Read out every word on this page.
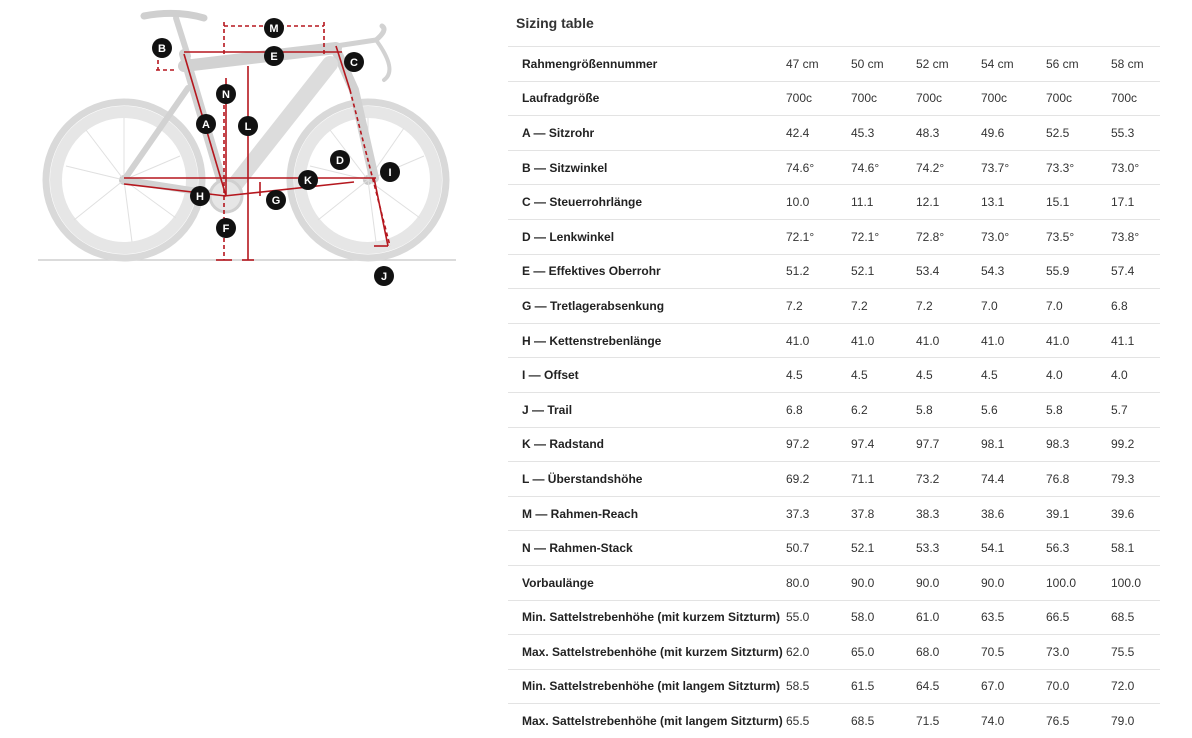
M
B
E	C
N
A	L
D
I
K
H	G
F
J
Sizing table
Rahmengrößennummer	47 cm	50 cm	52 cm	54 cm	56 cm	58 cm
Laufradgröße	700c	700c	700c	700c	700c	700c
A — Sitzrohr	42.4	45.3	48.3	49.6	52.5	55.3
B — Sitzwinkel	74.6°	74.6°	74.2°	73.7°	73.3°	73.0°
C — Steuerrohrlänge	10.0	11.1	12.1	13.1	15.1	17.1
D — Lenkwinkel	72.1°	72.1°	72.8°	73.0°	73.5°	73.8°
E — Effektives Oberrohr	51.2	52.1	53.4	54.3	55.9	57.4
G — Tretlagerabsenkung	7.2	7.2	7.2	7.0	7.0	6.8
H — Kettenstrebenlänge	41.0	41.0	41.0	41.0	41.0	41.1
I — Offset	4.5	4.5	4.5	4.5	4.0	4.0
J — Trail	6.8	6.2	5.8	5.6	5.8	5.7
K — Radstand	97.2	97.4	97.7	98.1	98.3	99.2
L — Überstandshöhe	69.2	71.1	73.2	74.4	76.8	79.3
M — Rahmen-Reach	37.3	37.8	38.3	38.6	39.1	39.6
N — Rahmen-Stack	50.7	52.1	53.3	54.1	56.3	58.1
Vorbaulänge	80.0	90.0	90.0	90.0	100.0	100.0
Min. Sattelstrebenhöhe (mit kurzem Sitzturm)	55.0	58.0	61.0	63.5	66.5	68.5
Max. Sattelstrebenhöhe (mit kurzem Sitzturm)	62.0	65.0	68.0	70.5	73.0	75.5
Min. Sattelstrebenhöhe (mit langem Sitzturm)	58.5	61.5	64.5	67.0	70.0	72.0
Max. Sattelstrebenhöhe (mit langem Sitzturm)	65.5	68.5	71.5	74.0	76.5	79.0
